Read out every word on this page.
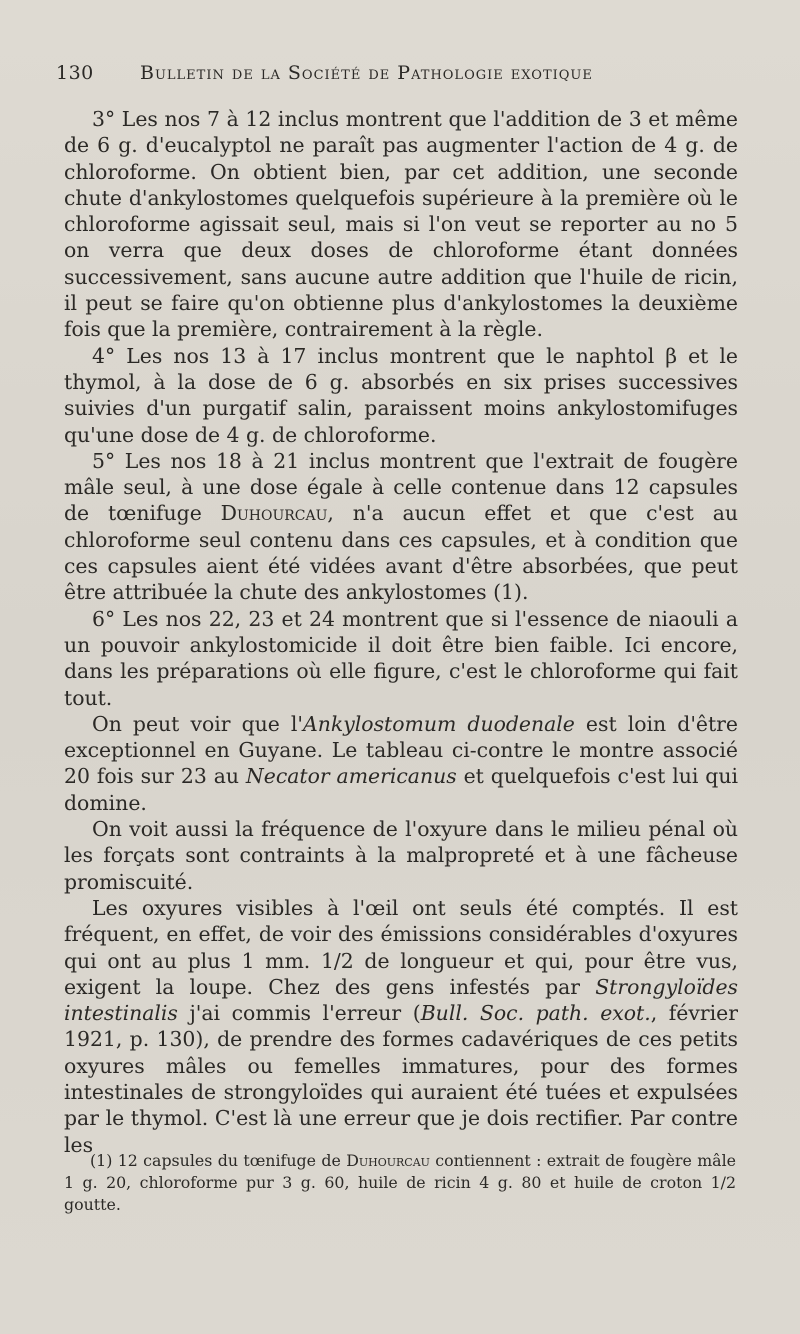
130 Bulletin de la Société de Pathologie exotique

3° Les nos 7 à 12 inclus montrent que l'addition de 3 et même de 6 g. d'eucalyptol ne paraît pas augmenter l'action de 4 g. de chloroforme. On obtient bien, par cet addition, une seconde chute d'ankylostomes quelquefois supérieure à la première où le chloroforme agissait seul, mais si l'on veut se reporter au no 5 on verra que deux doses de chloroforme étant données successivement, sans aucune autre addition que l'huile de ricin, il peut se faire qu'on obtienne plus d'ankylostomes la deuxième fois que la première, contrairement à la règle.

4° Les nos 13 à 17 inclus montrent que le naphtol β et le thymol, à la dose de 6 g. absorbés en six prises successives suivies d'un purgatif salin, paraissent moins ankylostomifuges qu'une dose de 4 g. de chloroforme.

5° Les nos 18 à 21 inclus montrent que l'extrait de fougère mâle seul, à une dose égale à celle contenue dans 12 capsules de tœnifuge Duhourcau, n'a aucun effet et que c'est au chloroforme seul contenu dans ces capsules, et à condition que ces capsules aient été vidées avant d'être absorbées, que peut être attribuée la chute des ankylostomes (1).

6° Les nos 22, 23 et 24 montrent que si l'essence de niaouli a un pouvoir ankylostomicide il doit être bien faible. Ici encore, dans les préparations où elle figure, c'est le chloroforme qui fait tout.

On peut voir que l'Ankylostomum duodenale est loin d'être exceptionnel en Guyane. Le tableau ci-contre le montre associé 20 fois sur 23 au Necator americanus et quelquefois c'est lui qui domine.

On voit aussi la fréquence de l'oxyure dans le milieu pénal où les forçats sont contraints à la malpropreté et à une fâcheuse promiscuité.

Les oxyures visibles à l'œil ont seuls été comptés. Il est fréquent, en effet, de voir des émissions considérables d'oxyures qui ont au plus 1 mm. 1/2 de longueur et qui, pour être vus, exigent la loupe. Chez des gens infestés par Strongyloïdes intestinalis j'ai commis l'erreur (Bull. Soc. path. exot., février 1921, p. 130), de prendre des formes cadavériques de ces petits oxyures mâles ou femelles immatures, pour des formes intestinales de strongyloïdes qui auraient été tuées et expulsées par le thymol. C'est là une erreur que je dois rectifier. Par contre les

(1) 12 capsules du tœnifuge de Duhourcau contiennent : extrait de fougère mâle 1 g. 20, chloroforme pur 3 g. 60, huile de ricin 4 g. 80 et huile de croton 1/2 goutte.
